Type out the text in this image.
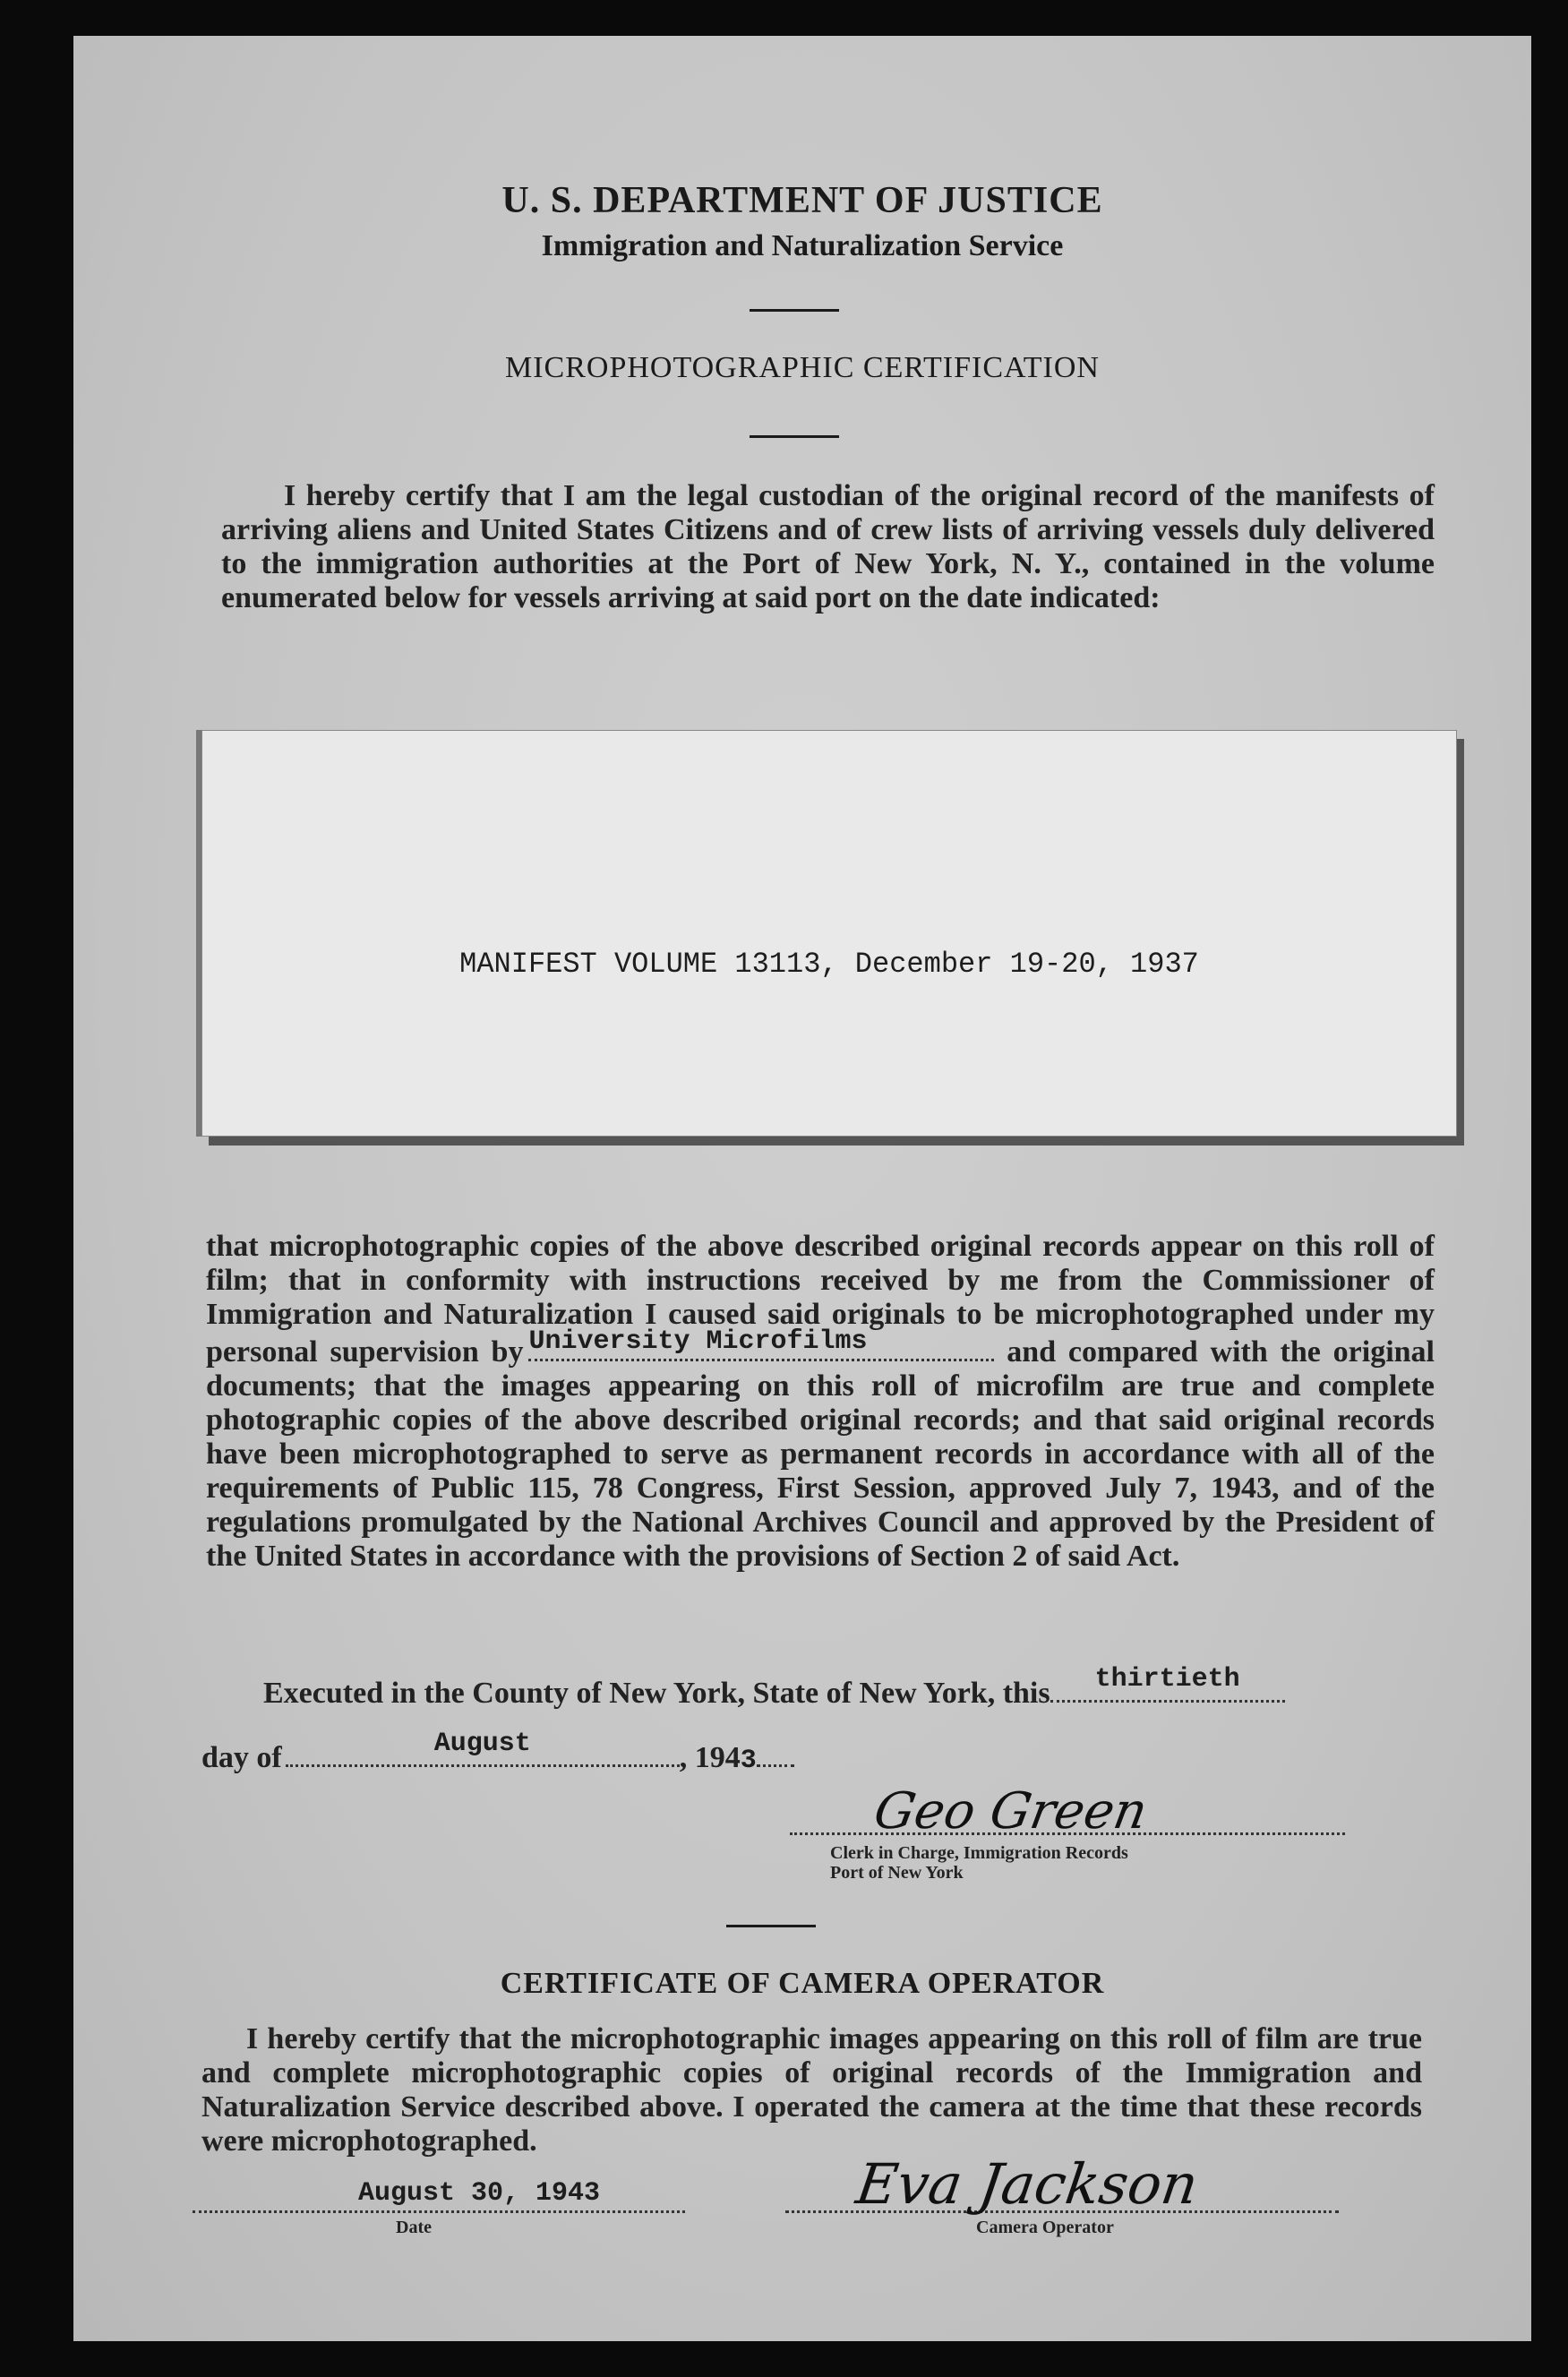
U. S. DEPARTMENT OF JUSTICE
Immigration and Naturalization Service
MICROPHOTOGRAPHIC CERTIFICATION
I hereby certify that I am the legal custodian of the original record of the manifests of arriving aliens and United States Citizens and of crew lists of arriving vessels duly delivered to the immigration authorities at the Port of New York, N. Y., contained in the volume enumerated below for vessels arriving at said port on the date indicated:
MANIFEST VOLUME 13113, December 19-20, 1937
that microphotographic copies of the above described original records appear on this roll of film; that in conformity with instructions received by me from the Commissioner of Immigration and Naturalization I caused said originals to be microphotographed under my personal supervision by University Microfilms	and compared with the original documents; that the images appearing on this roll of microfilm are true and complete photographic copies of the above described original records; and that said original records have been microphotographed to serve as permanent records in accordance with all of the requirements of Public 115, 78 Congress, First Session, approved July 7, 1943, and of the regulations promulgated by the National Archives Council and approved by the President of the United States in accordance with the provisions of Section 2 of said Act.
Executed in the County of New York, State of New York, this	thirtieth
day of	August	, 1943
Geo Green
Clerk in Charge, Immigration Records
Port of New York
CERTIFICATE OF CAMERA OPERATOR
I hereby certify that the microphotographic images appearing on this roll of film are true and complete microphotographic copies of original records of the Immigration and Naturalization Service described above. I operated the camera at the time that these records were microphotographed.
August 30, 1943
Date
Eva Jackson
Camera Operator
